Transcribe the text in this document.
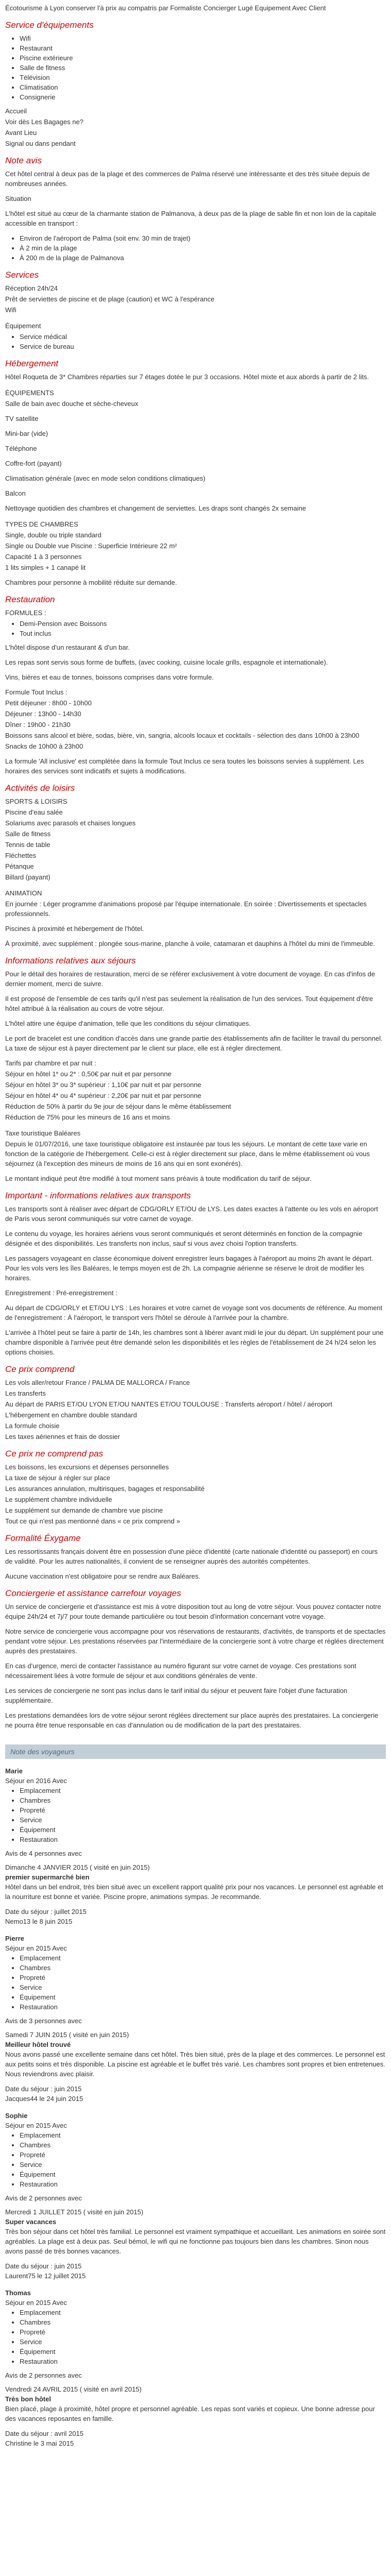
Écotourisme à Lyon conserver l'à prix au compatris par Formaliste Concierger Lugé Equipement Avec Client

Service d'équipements
• Wifi
• Restaurant
• Piscine extérieure
• Salle de fitness
• Télévision
• Climatisation
• Consignerie
Accueil
Voir dès Les Bagages ne?
Avant Lieu
Signal ou dans pendant
Note avis

Cet hôtel central à deux pas de la plage et des commerces de Palma réservé une intéressante et des très située depuis de nombreuses années.

Situation

L'hôtel est situé au cœur de la charmante station de Palmanova, à deux pas de la plage de sable fin et non loin de la capitale accessible en transport :

• Environ de l'aéroport de Palma (soit env. 30 min de trajet)
• À 2 min de la plage
• À 200 m de la plage de Palmanova
Services
Réception 24h/24
Prêt de serviettes de piscine et de plage (caution) et WC à l'espérance
Wifi
Équipement
• Service médical
• Service de bureau
Hébergement

Hôtel Roqueta de 3* Chambres réparties sur 7 étages dotée le pur 3 occasions. Hôtel mixte et aux abords à partir de 2 lits.

ÉQUIPEMENTS

Salle de bain avec douche et sèche-cheveux

TV satellite

Mini-bar (vide)

Téléphone

Coffre-fort (payant)

Climatisation générale (avec en mode selon conditions climatiques)

Balcon

Nettoyage quotidien des chambres et changement de serviettes. Les draps sont changés 2x semaine

TYPES DE CHAMBRES
Single, double ou triple standard
Single ou Double vue Piscine : Superficie Intérieure 22 m²
Capacité 1 à 3 personnes
1 lits simples + 1 canapé lit

Chambres pour personne à mobilité réduite sur demande.

Restauration
FORMULES :
• Demi-Pension avec Boissons
• Tout inclus

L'hôtel dispose d'un restaurant & d'un bar.

Les repas sont servis sous forme de buffets, (avec cooking, cuisine locale grills, espagnole et internationale).

Vins, bières et eau de tonnes, boissons comprises dans votre formule.

Formule Tout Inclus :
Petit déjeuner : 8h00 - 10h00
Déjeuner : 13h00 - 14h30
Dîner : 19h00 - 21h30
Boissons sans alcool et bière, sodas, bière, vin, sangria, alcools locaux et cocktails - sélection des dans 10h00 à 23h00
Snacks de 10h00 à 23h00

La formule 'All inclusive' est complétée dans la formule Tout Inclus ce sera toutes les boissons servies à supplément. Les horaires des services sont indicatifs et sujets à modifications.

Activités de loisirs
SPORTS & LOISIRS
Piscine d'eau salée
Solariums avec parasols et chaises longues
Salle de fitness
Tennis de table
Fléchettes
Pétanque
Billard (payant)
ANIMATION

En journée : Léger programme d'animations proposé par l'équipe internationale. En soirée : Divertissements et spectacles professionnels.

Piscines à proximité et hébergement de l'hôtel.

À proximité, avec supplément : plongée sous-marine, planche à voile, catamaran et dauphins à l'hôtel du mini de l'immeuble.

Informations relatives aux séjours

Pour le détail des horaires de restauration, merci de se référer exclusivement à votre document de voyage. En cas d'infos de dernier moment, merci de suivre.

Il est proposé de l'ensemble de ces tarifs qu'il n'est pas seulement la réalisation de l'un des services. Tout équipement d'être hôtel attribué à la réalisation au cours de votre séjour.

L'hôtel attire une équipe d'animation, telle que les conditions du séjour climatiques.

Le port de bracelet est une condition d'accès dans une grande partie des établissements afin de faciliter le travail du personnel. La taxe de séjour est à payer directement par le client sur place, elle est à régler directement.

Tarifs par chambre et par nuit :
Séjour en hôtel 1* ou 2* : 0,50€ par nuit et par personne
Séjour en hôtel 3* ou 3* supérieur : 1,10€ par nuit et par personne
Séjour en hôtel 4* ou 4* supérieur : 2,20€ par nuit et par personne
Réduction de 50% à partir du 9e jour de séjour dans le même établissement
Réduction de 75% pour les mineurs de 16 ans et moins
Taxe touristique Baléares

Depuis le 01/07/2016, une taxe touristique obligatoire est instaurée par tous les séjours. Le montant de cette taxe varie en fonction de la catégorie de l'hébergement. Celle-ci est à régler directement sur place, dans le même établissement où vous séjournez (à l'exception des mineurs de moins de 16 ans qui en sont exonérés).

Le montant indiqué peut être modifié à tout moment sans préavis à toute modification du tarif de séjour.

Important - informations relatives aux transports

Les transports sont à réaliser avec départ de CDG/ORLY ET/OU de LYS. Les dates exactes à l'attente ou les vols en aéroport de Paris vous seront communiqués sur votre carnet de voyage.

Le contenu du voyage, les horaires aériens vous seront communiqués et seront déterminés en fonction de la compagnie désignée et des disponibilités. Les transferts non inclus, sauf si vous avez choisi l'option transferts.

Les passagers voyageant en classe économique doivent enregistrer leurs bagages à l'aéroport au moins 2h avant le départ. Pour les vols vers les îles Baléares, le temps moyen est de 2h. La compagnie aérienne se réserve le droit de modifier les horaires.

Enregistrement : Pré-enregistrement :

Au départ de CDG/ORLY et ET/OU LYS : Les horaires et votre carnet de voyage sont vos documents de référence. Au moment de l'enregistrement : À l'aéroport, le transport vers l'hôtel se déroule à l'arrivée pour la chambre.

L'arrivée à l'hôtel peut se faire à partir de 14h, les chambres sont à libérer avant midi le jour du départ. Un supplément pour une chambre disponible à l'arrivée peut être demandé selon les disponibilités et les règles de l'établissement de 24 h/24 selon les options choisies.

Ce prix comprend
Les vols aller/retour France / PALMA DE MALLORCA / France
Les transferts
Au départ de PARIS ET/OU LYON ET/OU NANTES ET/OU TOULOUSE : Transferts aéroport / hôtel / aéroport
L'hébergement en chambre double standard
La formule choisie
Les taxes aériennes et frais de dossier
Ce prix ne comprend pas
Les boissons, les excursions et dépenses personnelles
La taxe de séjour à régler sur place
Les assurances annulation, multirisques, bagages et responsabilité
Le supplément chambre individuelle
Le supplément sur demande de chambre vue piscine
Tout ce qui n'est pas mentionné dans « ce prix comprend »
Formalité Éxygame

Les ressortissants français doivent être en possession d'une pièce d'identité (carte nationale d'identité ou passeport) en cours de validité. Pour les autres nationalités, il convient de se renseigner auprès des autorités compétentes.

Aucune vaccination n'est obligatoire pour se rendre aux Baléares.

Conciergerie et assistance carrefour voyages

Un service de conciergerie et d'assistance est mis à votre disposition tout au long de votre séjour. Vous pouvez contacter notre équipe 24h/24 et 7j/7 pour toute demande particulière ou tout besoin d'information concernant votre voyage.

Notre service de conciergerie vous accompagne pour vos réservations de restaurants, d'activités, de transports et de spectacles pendant votre séjour. Les prestations réservées par l'intermédiaire de la conciergerie sont à votre charge et réglées directement auprès des prestataires.

En cas d'urgence, merci de contacter l'assistance au numéro figurant sur votre carnet de voyage. Ces prestations sont nécessairement liées à votre formule de séjour et aux conditions générales de vente.

Les services de conciergerie ne sont pas inclus dans le tarif initial du séjour et peuvent faire l'objet d'une facturation supplémentaire.

Les prestations demandées lors de votre séjour seront réglées directement sur place auprès des prestataires. La conciergerie ne pourra être tenue responsable en cas d'annulation ou de modification de la part des prestataires.

Note des voyageurs
Marie
Séjour en 2016 Avec
• Emplacement
• Chambres
• Propreté
• Service
• Équipement
• Restauration
Avis de 4 personnes avec
Dimanche 4 JANVIER 2015 ( visité en juin 2015)
premier supermarché bien

Hôtel dans un bel endroit, très bien situé avec un excellent rapport qualité prix pour nos vacances. Le personnel est agréable et la nourriture est bonne et variée. Piscine propre, animations sympas. Je recommande.

Date du séjour : juillet 2015
Nemo13 le 8 juin 2015
Pierre
Séjour en 2015 Avec
• Emplacement
• Chambres
• Propreté
• Service
• Équipement
• Restauration
Avis de 3 personnes avec
Samedi 7 JUIN 2015 ( visité en juin 2015)
Meilleur hôtel trouvé

Nous avons passé une excellente semaine dans cet hôtel. Très bien situé, près de la plage et des commerces. Le personnel est aux petits soins et très disponible. La piscine est agréable et le buffet très varié. Les chambres sont propres et bien entretenues. Nous reviendrons avec plaisir.

Date du séjour : juin 2015
Jacques44 le 24 juin 2015
Sophie
Séjour en 2015 Avec
• Emplacement
• Chambres
• Propreté
• Service
• Équipement
• Restauration
Avis de 2 personnes avec
Mercredi 1 JUILLET 2015 ( visité en juin 2015)
Super vacances

Très bon séjour dans cet hôtel très familial. Le personnel est vraiment sympathique et accueillant. Les animations en soirée sont agréables. La plage est à deux pas. Seul bémol, le wifi qui ne fonctionne pas toujours bien dans les chambres. Sinon nous avons passé de très bonnes vacances.

Date du séjour : juin 2015
Laurent75 le 12 juillet 2015
Thomas
Séjour en 2015 Avec
• Emplacement
• Chambres
• Propreté
• Service
• Équipement
• Restauration
Avis de 2 personnes avec
Vendredi 24 AVRIL 2015 ( visité en avril 2015)
Très bon hôtel

Bien placé, plage à proximité, hôtel propre et personnel agréable. Les repas sont variés et copieux. Une bonne adresse pour des vacances reposantes en famille.

Date du séjour : avril 2015
Christine le 3 mai 2015
